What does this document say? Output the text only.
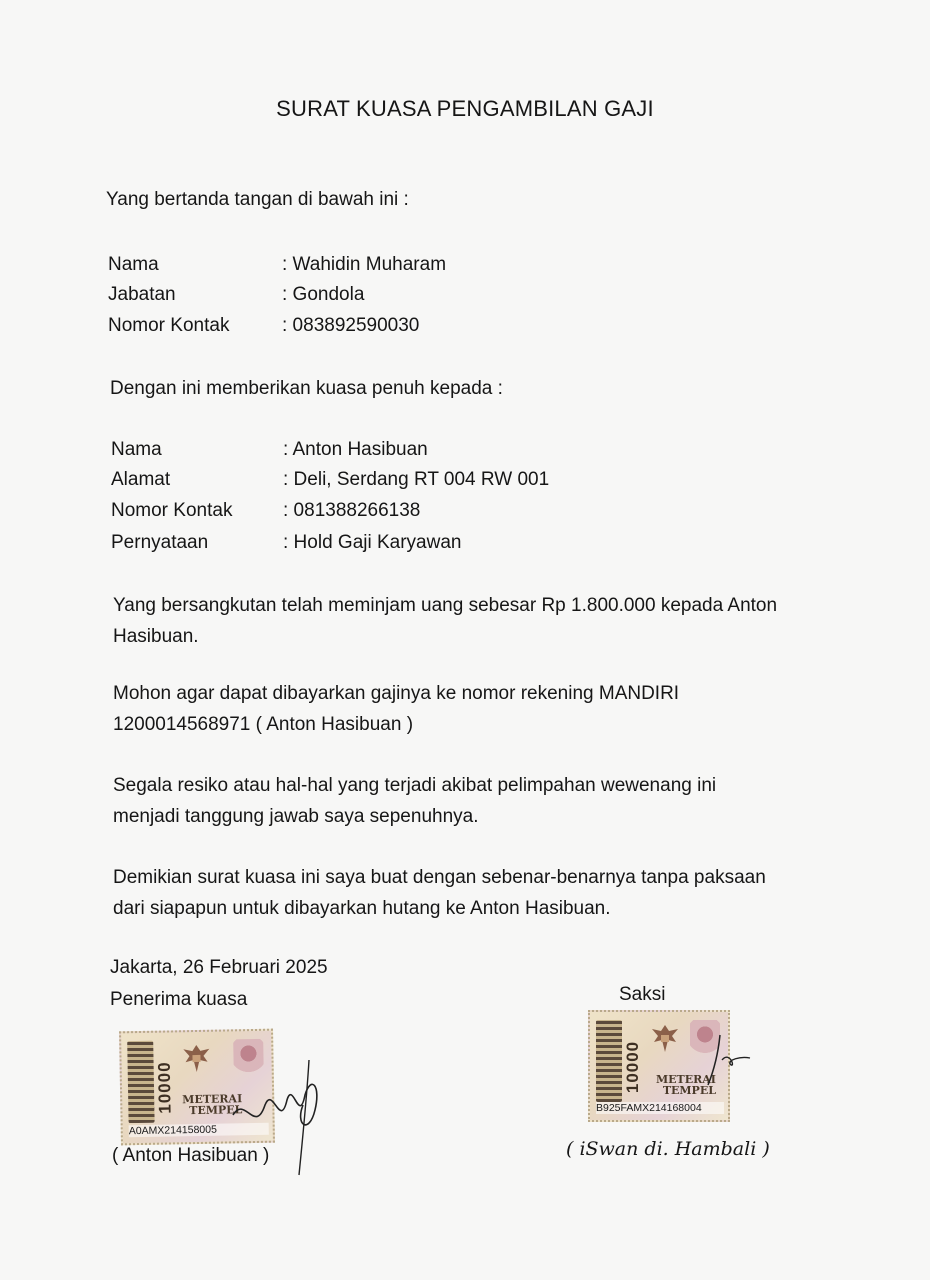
SURAT KUASA PENGAMBILAN GAJI
Yang bertanda tangan di bawah ini :
Nama	: Wahidin Muharam
Jabatan	: Gondola
Nomor Kontak	: 083892590030
Dengan ini memberikan kuasa penuh kepada :
Nama	: Anton Hasibuan
Alamat	: Deli, Serdang RT 004 RW 001
Nomor Kontak	: 081388266138
Pernyataan	: Hold Gaji Karyawan
Yang bersangkutan telah meminjam uang sebesar Rp 1.800.000 kepada Anton
Hasibuan.
Mohon agar dapat dibayarkan gajinya ke nomor rekening MANDIRI
1200014568971 ( Anton Hasibuan )
Segala resiko atau hal-hal yang terjadi akibat pelimpahan wewenang ini
menjadi tanggung jawab saya sepenuhnya.
Demikian surat kuasa ini saya buat dengan sebenar-benarnya tanpa paksaan
dari siapapun untuk dibayarkan hutang ke Anton Hasibuan.
Jakarta, 26 Februari 2025
Penerima kuasa	Saksi
10000 METERAI
TEMPEL
A0AMX214158005
( Anton Hasibuan )
10000 METERAI
TEMPEL
B925FAMX214168004
( iSwan di. Hambali )
